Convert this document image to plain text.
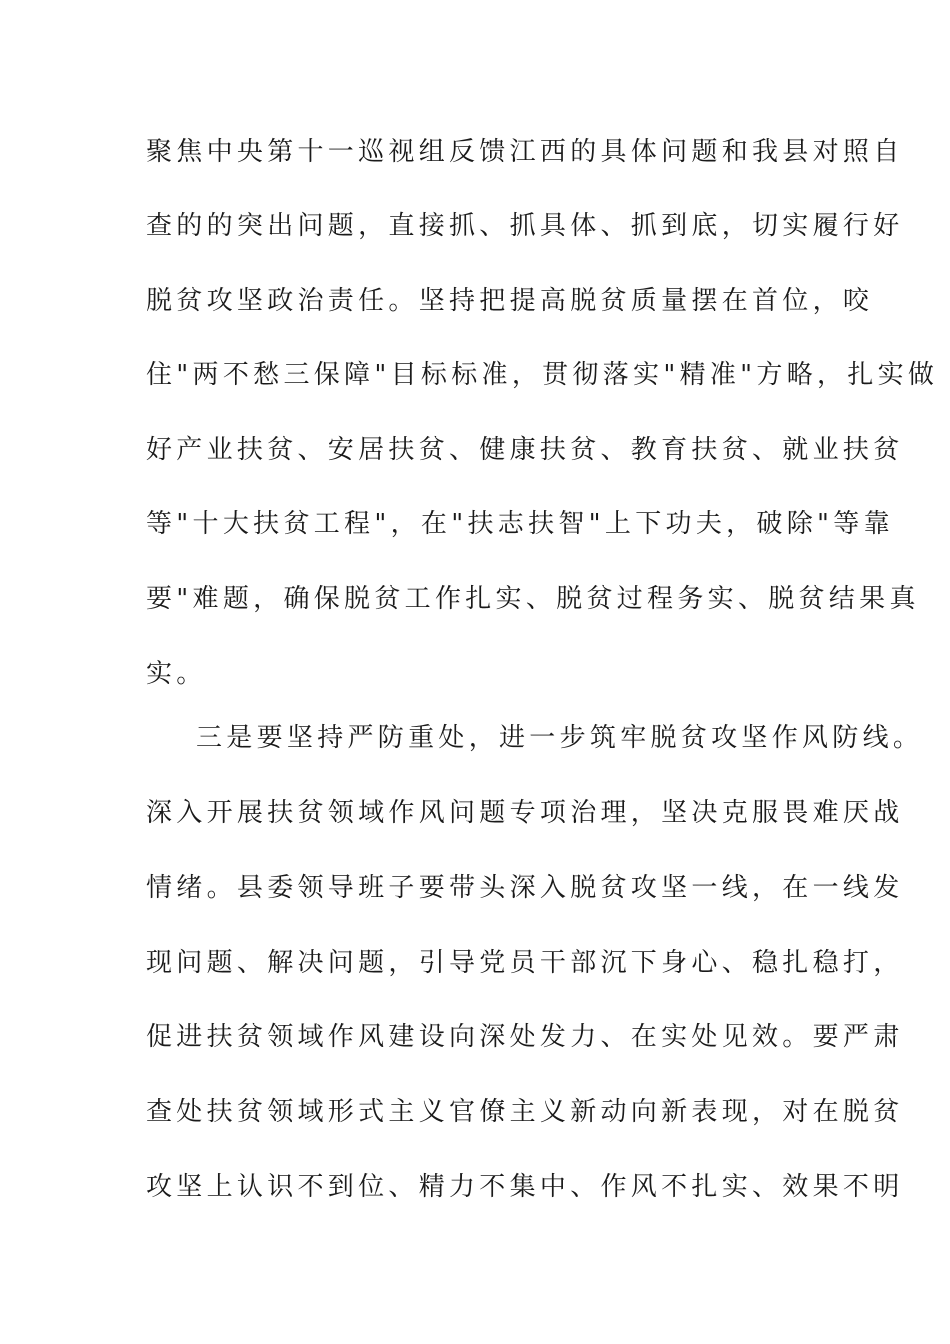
聚焦中央第十一巡视组反馈江西的具体问题和我县对照自
查的的突出问题，直接抓、抓具体、抓到底，切实履行好
脱贫攻坚政治责任。坚持把提高脱贫质量摆在首位，咬
住"两不愁三保障"目标标准，贯彻落实"精准"方略，扎实做
好产业扶贫、安居扶贫、健康扶贫、教育扶贫、就业扶贫
等"十大扶贫工程"，在"扶志扶智"上下功夫，破除"等靠
要"难题，确保脱贫工作扎实、脱贫过程务实、脱贫结果真
实。
三是要坚持严防重处，进一步筑牢脱贫攻坚作风防线。
深入开展扶贫领域作风问题专项治理，坚决克服畏难厌战
情绪。县委领导班子要带头深入脱贫攻坚一线，在一线发
现问题、解决问题，引导党员干部沉下身心、稳扎稳打，
促进扶贫领域作风建设向深处发力、在实处见效。要严肃
查处扶贫领域形式主义官僚主义新动向新表现，对在脱贫
攻坚上认识不到位、精力不集中、作风不扎实、效果不明
